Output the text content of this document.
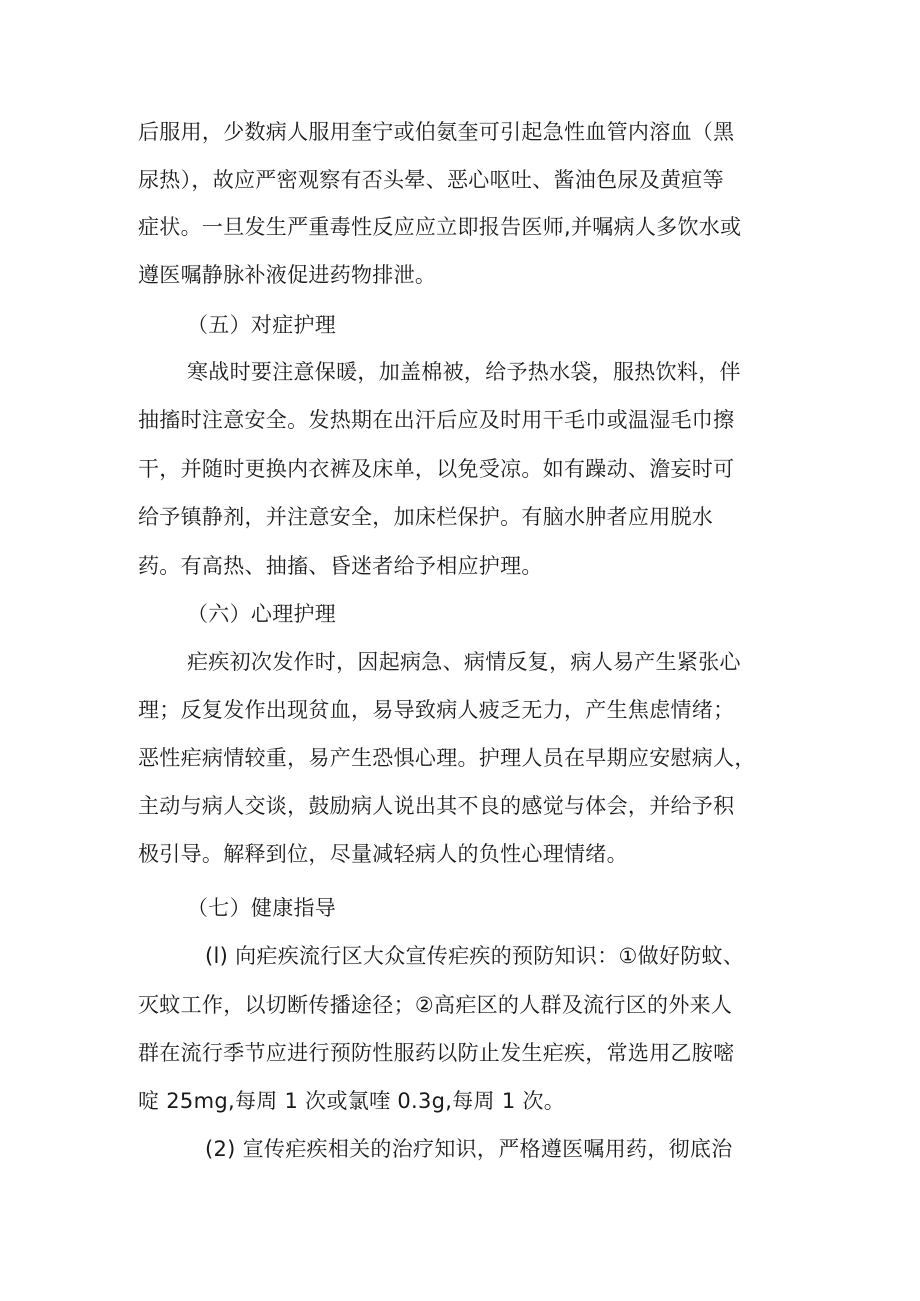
后服用，少数病人服用奎宁或伯氨奎可引起急性血管内溶血（黑
尿热），故应严密观察有否头晕、恶心呕吐、酱油色尿及黄疸等
症状。一旦发生严重毒性反应应立即报告医师,并嘱病人多饮水或
遵医嘱静脉补液促进药物排泄。
（五）对症护理
寒战时要注意保暖，加盖棉被，给予热水袋，服热饮料，伴
抽搐时注意安全。发热期在出汗后应及时用干毛巾或温湿毛巾擦
干，并随时更换内衣裤及床单，以免受凉。如有躁动、澹妄时可
给予镇静剂，并注意安全，加床栏保护。有脑水肿者应用脱水
药。有高热、抽搐、昏迷者给予相应护理。
（六）心理护理
疟疾初次发作时，因起病急、病情反复，病人易产生紧张心
理；反复发作出现贫血，易导致病人疲乏无力，产生焦虑情绪；
恶性疟病情较重，易产生恐惧心理。护理人员在早期应安慰病人，
主动与病人交谈，鼓励病人说出其不良的感觉与体会，并给予积
极引导。解释到位，尽量减轻病人的负性心理情绪。
（七）健康指导
(l) 向疟疾流行区大众宣传疟疾的预防知识：①做好防蚊、
灭蚊工作，以切断传播途径；②高疟区的人群及流行区的外来人
群在流行季节应进行预防性服药以防止发生疟疾，常选用乙胺嘧
啶 25mg,每周 1 次或氯喹 0.3g,每周 1 次。
(2) 宣传疟疾相关的治疗知识，严格遵医嘱用药，彻底治
